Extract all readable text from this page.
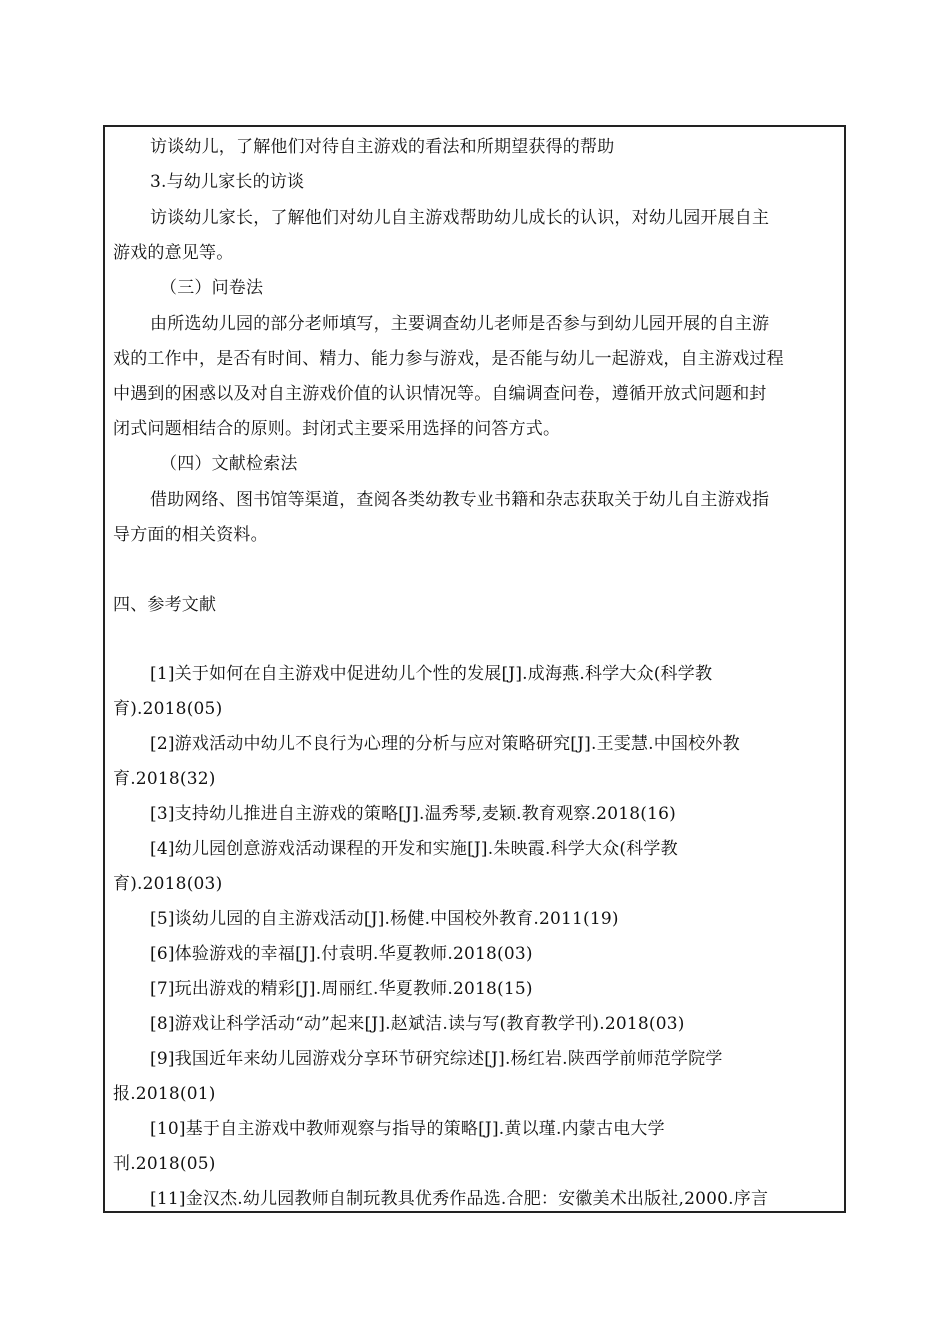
访谈幼儿，了解他们对待自主游戏的看法和所期望获得的帮助
3.与幼儿家长的访谈
访谈幼儿家长，了解他们对幼儿自主游戏帮助幼儿成长的认识，对幼儿园开展自主
游戏的意见等。
（三）问卷法
由所选幼儿园的部分老师填写，主要调查幼儿老师是否参与到幼儿园开展的自主游
戏的工作中，是否有时间、精力、能力参与游戏，是否能与幼儿一起游戏，自主游戏过程
中遇到的困惑以及对自主游戏价值的认识情况等。自编调查问卷，遵循开放式问题和封
闭式问题相结合的原则。封闭式主要采用选择的问答方式。
（四）文献检索法
借助网络、图书馆等渠道，查阅各类幼教专业书籍和杂志获取关于幼儿自主游戏指
导方面的相关资料。
四、参考文献
[1]关于如何在自主游戏中促进幼儿个性的发展[J].成海燕.科学大众(科学教
育).2018(05)
[2]游戏活动中幼儿不良行为心理的分析与应对策略研究[J].王雯慧.中国校外教
育.2018(32)
[3]支持幼儿推进自主游戏的策略[J].温秀琴,麦颖.教育观察.2018(16)
[4]幼儿园创意游戏活动课程的开发和实施[J].朱映霞.科学大众(科学教
育).2018(03)
[5]谈幼儿园的自主游戏活动[J].杨健.中国校外教育.2011(19)
[6]体验游戏的幸福[J].付袁明.华夏教师.2018(03)
[7]玩出游戏的精彩[J].周丽红.华夏教师.2018(15)
[8]游戏让科学活动“动”起来[J].赵斌洁.读与写(教育教学刊).2018(03)
[9]我国近年来幼儿园游戏分享环节研究综述[J].杨红岩.陕西学前师范学院学
报.2018(01)
[10]基于自主游戏中教师观察与指导的策略[J].黄以瑾.内蒙古电大学
刊.2018(05)
[11]金汉杰.幼儿园教师自制玩教具优秀作品选.合肥：安徽美术出版社,2000.序言
